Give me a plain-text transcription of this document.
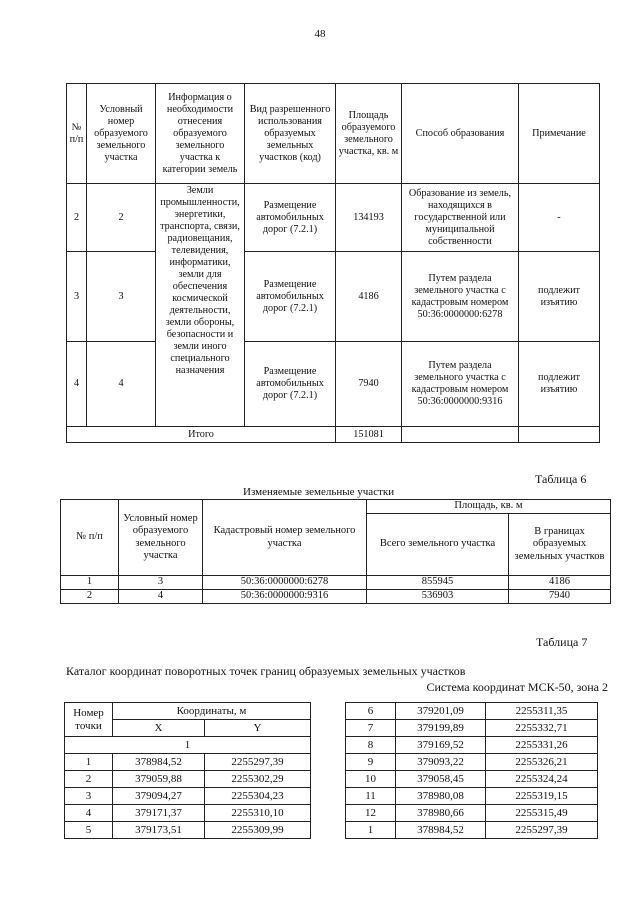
48
№ п/п	Условный номер образуемого земельного участка	Информация о необходимости отнесения образуемого земельного участка к категории земель	Вид разрешенного использования образуемых земельных участков (код)	Площадь образуемого земельного участка, кв. м	Способ образования	Примечание
2	2	Земли промышленности, энергетики, транспорта, связи, радиовещания, телевидения, информатики, земли для обеспечения космической деятельности, земли обороны, безопасности и земли иного специального назначения	Размещение автомобильных дорог (7.2.1)	134193	Образование из земель, находящихся в государственной или муниципальной собственности	-
3	3		Размещение автомобильных дорог (7.2.1)	4186	Путем раздела земельного участка с кадастровым номером 50:36:0000000:6278	подлежит изъятию
4	4		Размещение автомобильных дорог (7.2.1)	7940	Путем раздела земельного участка с кадастровым номером 50:36:0000000:9316	подлежит изъятию
Итого				151081		
Таблица 6
Изменяемые земельные участки
№ п/п	Условный номер образуемого земельного участка	Кадастровый номер земельного участка	Площадь, кв. м	
			Всего земельного участка	В границах образуемых земельных участков
1	3	50:36:0000000:6278	855945	4186
2	4	50:36:0000000:9316	536903	7940
Таблица 7
Каталог координат поворотных точек границ образуемых земельных участков
Система координат МСК-50, зона 2
Номер точки	Координаты, м	
	X	Y
1		
1	378984,52	2255297,39
2	379059,88	2255302,29
3	379094,27	2255304,23
4	379171,37	2255310,10
5	379173,51	2255309,99
6	379201,09	2255311,35
7	379199,89	2255332,71
8	379169,52	2255331,26
9	379093,22	2255326,21
10	379058,45	2255324,24
11	378980,08	2255319,15
12	378980,66	2255315,49
1	378984,52	2255297,39
